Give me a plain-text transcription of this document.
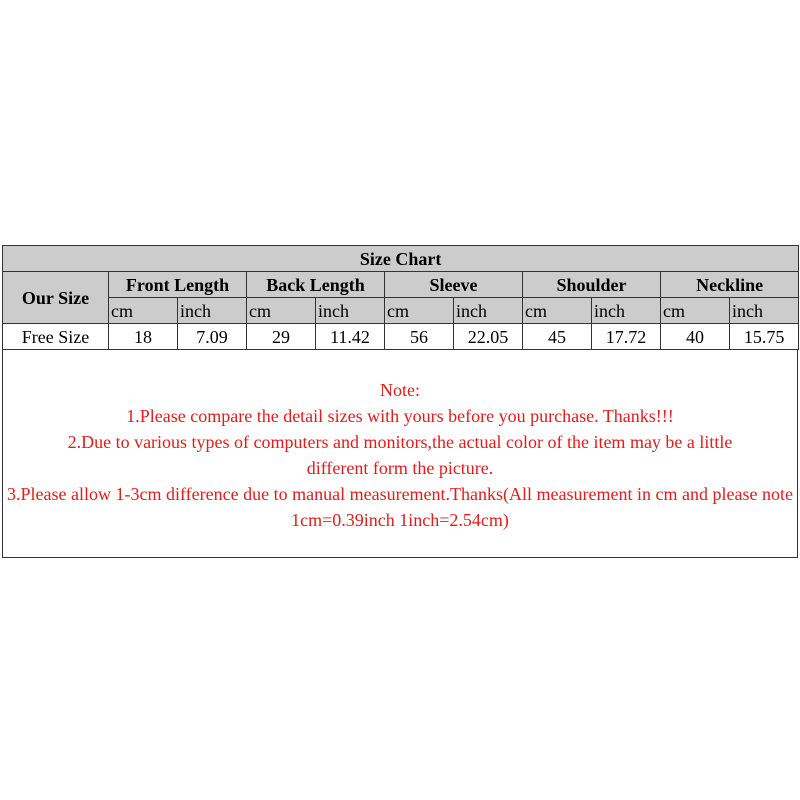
Size Chart										
Our Size	Front Length		Back Length		Sleeve		Shoulder		Neckline	
	cm	inch	cm	inch	cm	inch	cm	inch	cm	inch
Free Size	18	7.09	29	11.42	56	22.05	45	17.72	40	15.75

Note:

1.Please compare the detail sizes with yours before you purchase. Thanks!!!

2.Due to various types of computers and monitors,the actual color of the item may be a little different form the picture.

3.Please allow 1-3cm difference due to manual measurement.Thanks(All measurement in cm and please note 1cm=0.39inch 1inch=2.54cm)
